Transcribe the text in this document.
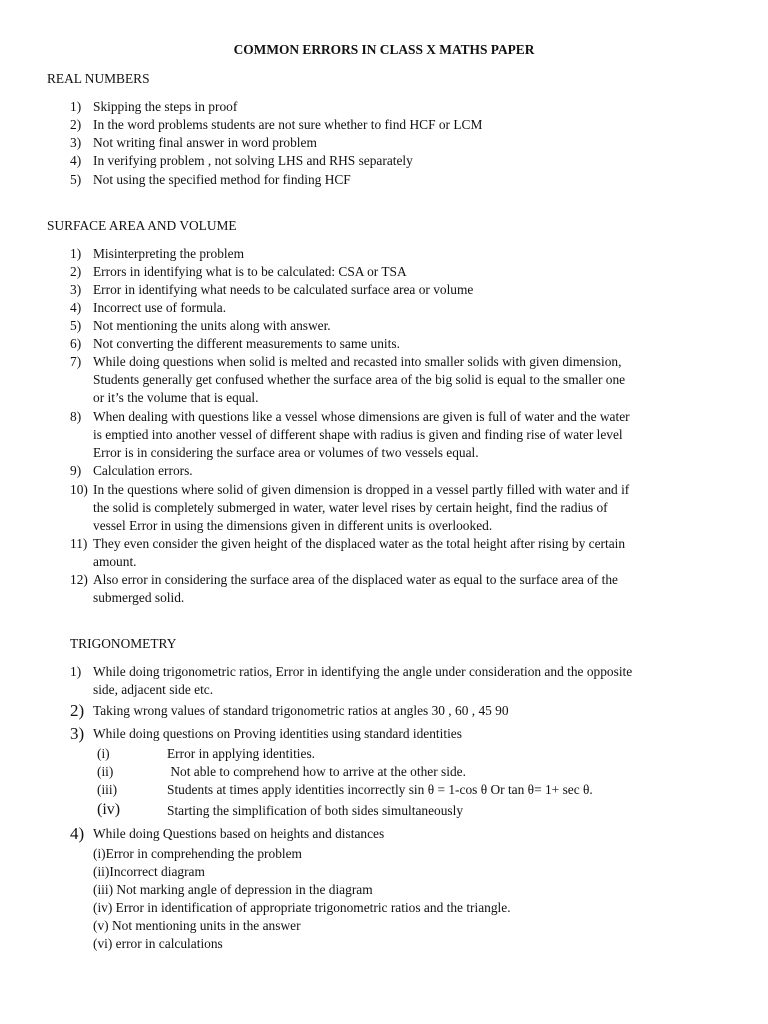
COMMON ERRORS IN CLASS X MATHS PAPER
REAL NUMBERS
1) Skipping the steps in proof
2) In the word problems students are not sure whether to find HCF or LCM
3) Not writing final answer in word problem
4) In verifying problem , not solving LHS and RHS separately
5) Not using the specified method for finding HCF
SURFACE AREA AND VOLUME
1) Misinterpreting the problem
2) Errors in identifying what is to be calculated: CSA or TSA
3) Error in identifying what needs to be calculated surface area or volume
4) Incorrect use of formula.
5) Not mentioning the units along with answer.
6) Not converting the different measurements to same units.
7) While doing questions when solid is melted and recasted into smaller solids with given dimension,
Students generally get confused whether the surface area of the big solid is equal to the smaller one
or it’s the volume that is equal.
8) When dealing with questions like a vessel whose dimensions are given is full of water and the water
is emptied into another vessel of different shape with radius is given and finding rise of water level
Error is in considering the surface area or volumes of two vessels equal.
9) Calculation errors.
10) In the questions where solid of given dimension is dropped in a vessel partly filled with water and if
the solid is completely submerged in water, water level rises by certain height, find the radius of
vessel Error in using the dimensions given in different units is overlooked.
11) They even consider the given height of the displaced water as the total height after rising by certain
amount.
12) Also error in considering the surface area of the displaced water as equal to the surface area of the
submerged solid.
TRIGONOMETRY
1) While doing trigonometric ratios, Error in identifying the angle under consideration and the opposite
side, adjacent side etc.
2) Taking wrong values of standard trigonometric ratios at angles 30 , 60 , 45 90
3) While doing questions on Proving identities using standard identities
(i)	Error in applying identities.
(ii)	Not able to comprehend how to arrive at the other side.
(iii)	Students at times apply identities incorrectly sin θ = 1-cos θ Or tan θ= 1+ sec θ.
(iv)	Starting the simplification of both sides simultaneously
4) While doing Questions based on heights and distances
(i)Error in comprehending the problem
(ii)Incorrect diagram
(iii) Not marking angle of depression in the diagram
(iv) Error in identification of appropriate trigonometric ratios and the triangle.
(v) Not mentioning units in the answer
(vi) error in calculations
